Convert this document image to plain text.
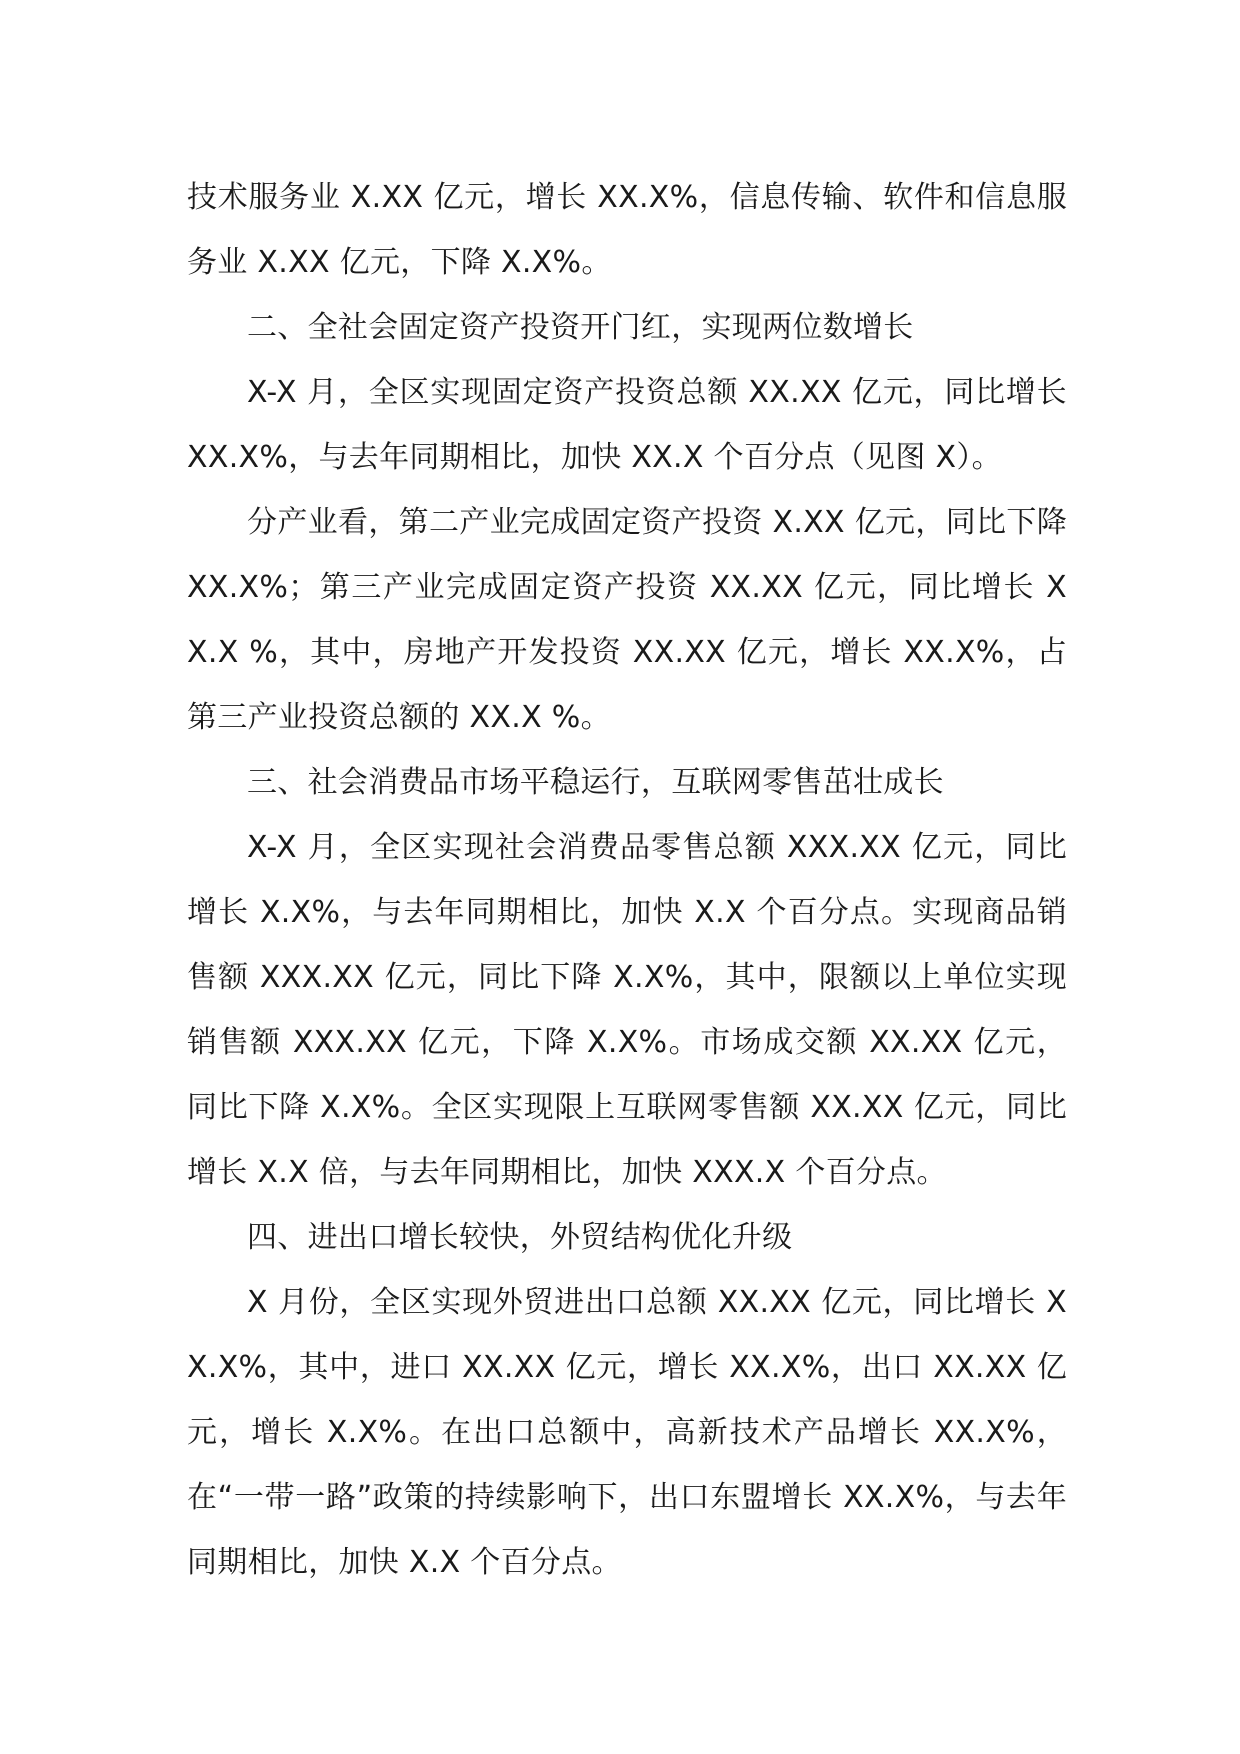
技术服务业 X.XX 亿元，增长 XX.X%，信息传输、软件和信息服务业 X.XX 亿元，下降 X.X%。

二、全社会固定资产投资开门红，实现两位数增长

X-X 月，全区实现固定资产投资总额 XX.XX 亿元，同比增长 XX.X%，与去年同期相比，加快 XX.X 个百分点（见图 X）。

分产业看，第二产业完成固定资产投资 X.XX 亿元，同比下降 XX.X%；第三产业完成固定资产投资 XX.XX 亿元，同比增长 XX.X %，其中，房地产开发投资 XX.XX 亿元，增长 XX.X%，占第三产业投资总额的 XX.X %。

三、社会消费品市场平稳运行，互联网零售茁壮成长

X-X 月，全区实现社会消费品零售总额 XXX.XX 亿元，同比增长 X.X%，与去年同期相比，加快 X.X 个百分点。实现商品销售额 XXX.XX 亿元，同比下降 X.X%，其中，限额以上单位实现销售额 XXX.XX 亿元，下降 X.X%。市场成交额 XX.XX 亿元，同比下降 X.X%。全区实现限上互联网零售额 XX.XX 亿元，同比增长 X.X 倍，与去年同期相比，加快 XXX.X 个百分点。

四、进出口增长较快，外贸结构优化升级

X 月份，全区实现外贸进出口总额 XX.XX 亿元，同比增长 XX.X%，其中，进口 XX.XX 亿元，增长 XX.X%，出口 XX.XX 亿元，增长 X.X%。在出口总额中，高新技术产品增长 XX.X%，在“一带一路”政策的持续影响下，出口东盟增长 XX.X%，与去年同期相比，加快 X.X 个百分点。
